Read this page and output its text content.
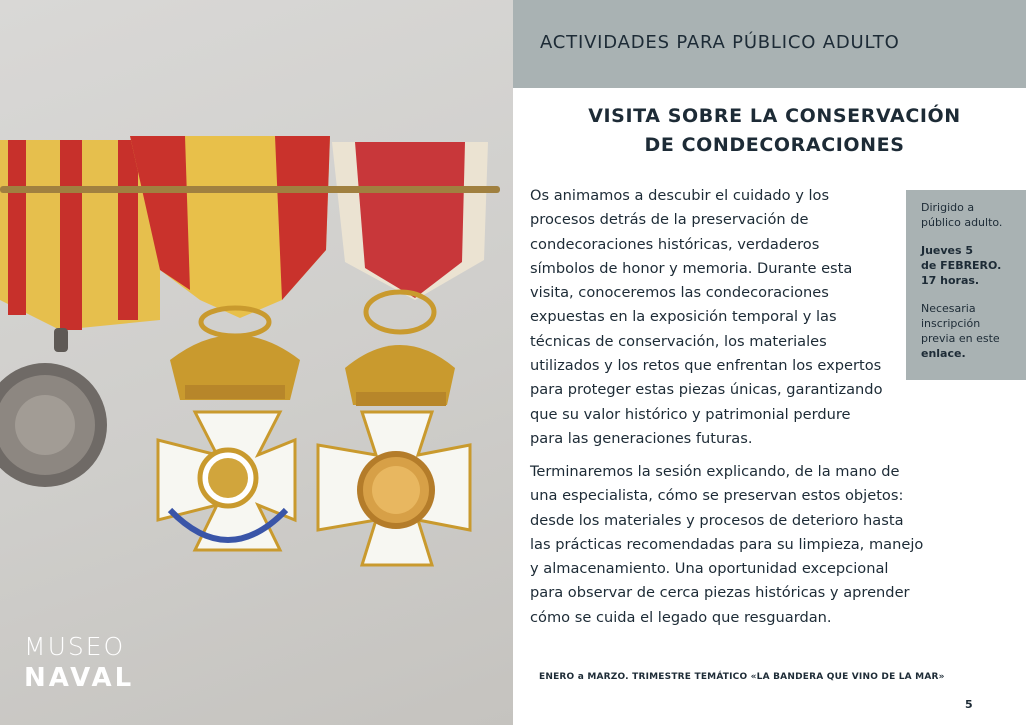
MUSEO
NAVAL
ACTIVIDADES PARA PÚBLICO ADULTO
VISITA SOBRE LA CONSERVACIÓN
DE CONDECORACIONES
Os animamos a descubir el cuidado y los
procesos detrás de la preservación de
condecoraciones históricas, verdaderos
símbolos de honor y memoria. Durante esta
visita, conoceremos las condecoraciones
expuestas en la exposición temporal y las
técnicas de conservación, los materiales
utilizados y los retos que enfrentan los expertos
para proteger estas piezas únicas, garantizando
que su valor histórico y patrimonial perdure
para las generaciones futuras.
Dirigido a
público adulto.
Jueves 5
de FEBRERO.
17 horas.
Necesaria
inscripción
previa en este
enlace.
Terminaremos la sesión explicando, de la mano de
una especialista, cómo se preservan estos objetos:
desde los materiales y procesos de deterioro hasta
las prácticas recomendadas para su limpieza, manejo
y almacenamiento. Una oportunidad excepcional
para observar de cerca piezas históricas y aprender
cómo se cuida el legado que resguardan.
ENERO a MARZO. TRIMESTRE TEMÁTICO «LA BANDERA QUE VINO DE LA MAR»
5
